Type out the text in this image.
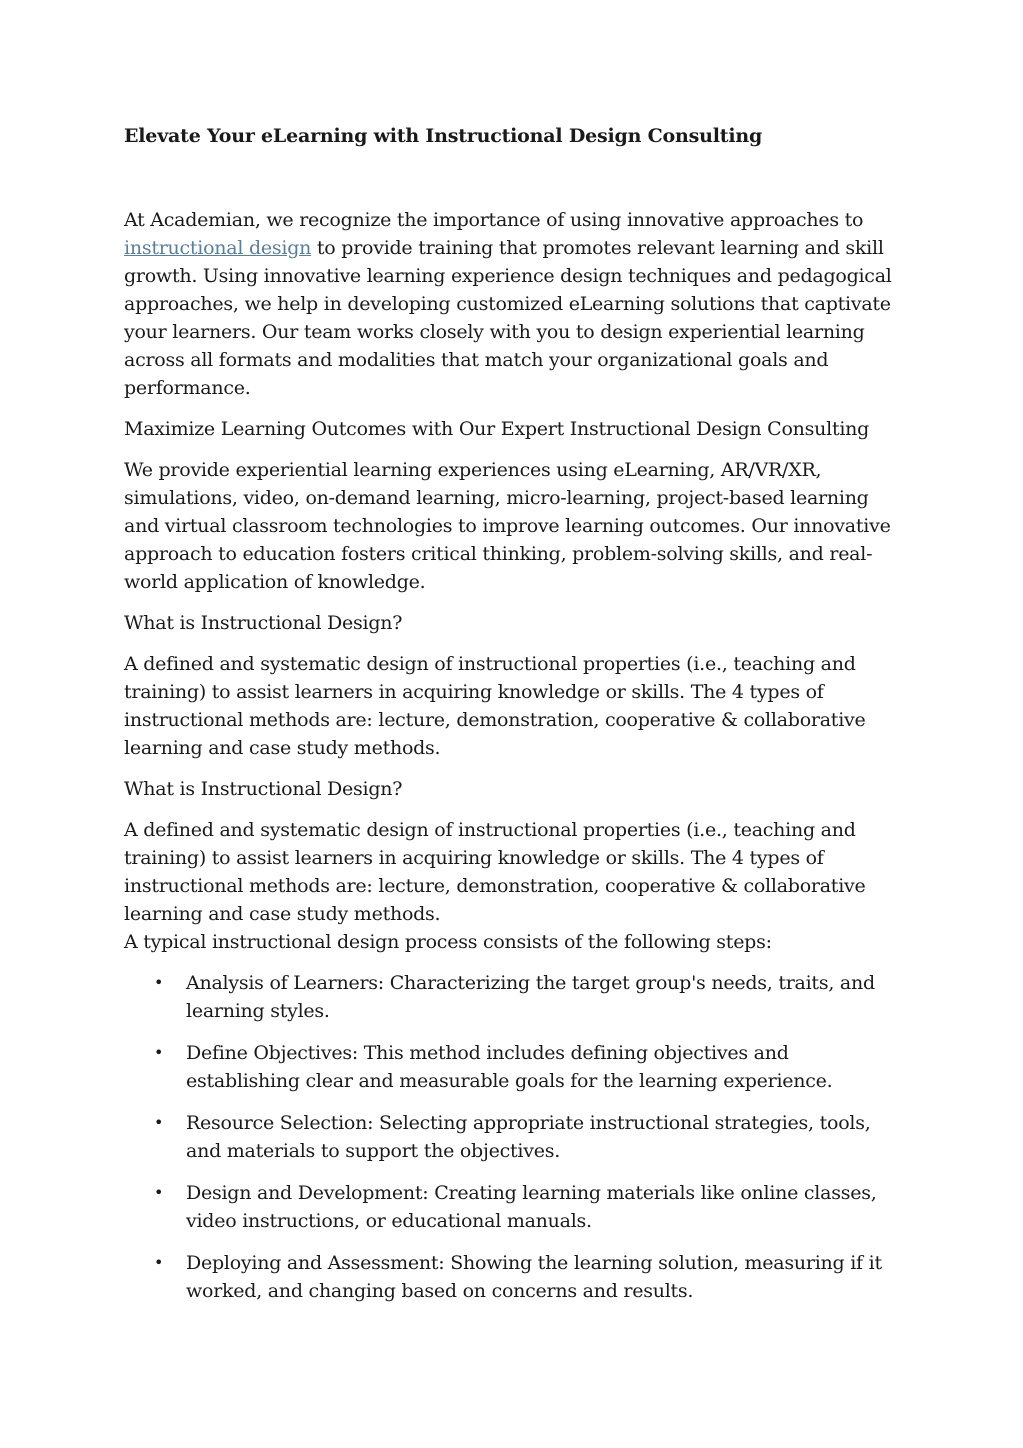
Elevate Your eLearning with Instructional Design Consulting

At Academian, we recognize the importance of using innovative approaches to instructional design to provide training that promotes relevant learning and skill growth. Using innovative learning experience design techniques and pedagogical approaches, we help in developing customized eLearning solutions that captivate your learners. Our team works closely with you to design experiential learning across all formats and modalities that match your organizational goals and performance.

Maximize Learning Outcomes with Our Expert Instructional Design Consulting

We provide experiential learning experiences using eLearning, AR/VR/XR, simulations, video, on-demand learning, micro-learning, project-based learning and virtual classroom technologies to improve learning outcomes. Our innovative approach to education fosters critical thinking, problem-solving skills, and real-world application of knowledge.

What is Instructional Design?

A defined and systematic design of instructional properties (i.e., teaching and training) to assist learners in acquiring knowledge or skills. The 4 types of instructional methods are: lecture, demonstration, cooperative & collaborative learning and case study methods.

What is Instructional Design?

A defined and systematic design of instructional properties (i.e., teaching and training) to assist learners in acquiring knowledge or skills. The 4 types of instructional methods are: lecture, demonstration, cooperative & collaborative learning and case study methods.

A typical instructional design process consists of the following steps:

• Analysis of Learners: Characterizing the target group's needs, traits, and learning styles.
• Define Objectives: This method includes defining objectives and establishing clear and measurable goals for the learning experience.
• Resource Selection: Selecting appropriate instructional strategies, tools, and materials to support the objectives.
• Design and Development: Creating learning materials like online classes, video instructions, or educational manuals.
• Deploying and Assessment: Showing the learning solution, measuring if it worked, and changing based on concerns and results.
